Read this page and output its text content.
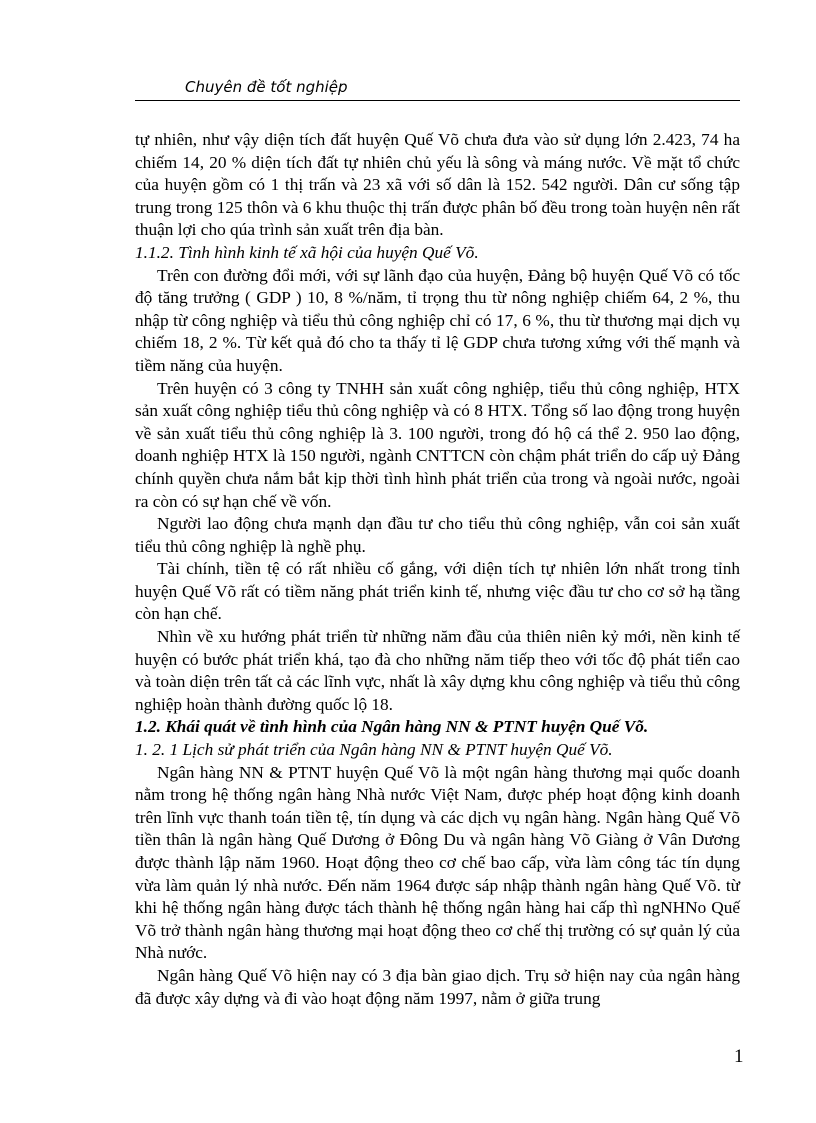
Chuyên đề tốt nghiệp

tự nhiên, như vậy diện tích đất huyện Quế Võ chưa đưa vào sử dụng lớn 2.423, 74 ha chiếm 14, 20 % diện tích đất tự nhiên chủ yếu là sông và máng nước. Về mặt tổ chức của huyện gồm có 1 thị trấn và 23 xã với số dân là 152. 542 người. Dân cư sống tập trung trong 125 thôn và 6 khu thuộc thị trấn được phân bố đều trong toàn huyện nên rất thuận lợi cho qúa trình sản xuất trên địa bàn.

1.1.2. Tình hình kinh tế xã hội của huyện Quế Võ.

Trên con đường đổi mới, với sự lãnh đạo của huyện, Đảng bộ huyện Quế Võ có tốc độ tăng trưởng ( GDP ) 10, 8 %/năm, tỉ trọng thu từ nông nghiệp chiếm 64, 2 %, thu nhập từ công nghiệp và tiểu thủ công nghiệp chỉ có 17, 6 %, thu từ thương mại dịch vụ chiếm 18, 2 %. Từ kết quả đó cho ta thấy tỉ lệ GDP chưa tương xứng với thế mạnh và tiềm năng của huyện.

Trên huyện có 3 công ty TNHH sản xuất công nghiệp, tiểu thủ công nghiệp, HTX sản xuất công nghiệp tiểu thủ công nghiệp và có 8 HTX. Tổng số lao động trong huyện về sản xuất tiểu thủ công nghiệp là 3. 100 người, trong đó hộ cá thể 2. 950 lao động, doanh nghiệp HTX là 150 người, ngành CNTTCN còn chậm phát triển do cấp uỷ Đảng chính quyền chưa nắm bắt kịp thời tình hình phát triển của trong và ngoài nước, ngoài ra còn có sự hạn chế về vốn.

Người lao động chưa mạnh dạn đầu tư cho tiểu thủ công nghiệp, vẫn coi sản xuất tiểu thủ công nghiệp là nghề phụ.

Tài chính, tiền tệ có rất nhiều cố gắng, với diện tích tự nhiên lớn nhất trong tỉnh huyện Quế Võ rất có tiềm năng phát triển kinh tế, nhưng việc đầu tư cho cơ sở hạ tầng còn hạn chế.

Nhìn về xu hướng phát triển từ những năm đầu của thiên niên kỷ mới, nền kinh tế huyện có bước phát triển khá, tạo đà cho những năm tiếp theo với tốc độ phát tiển cao và toàn diện trên tất cả các lĩnh vực, nhất là xây dựng khu công nghiệp và tiểu thủ công nghiệp hoàn thành đường quốc lộ 18.

1.2. Khái quát về tình hình của Ngân hàng NN & PTNT huyện Quế Võ.

1. 2. 1 Lịch sử phát triển của Ngân hàng NN & PTNT huyện Quế Võ.

Ngân hàng NN & PTNT huyện Quế Võ là một ngân hàng thương mại quốc doanh nằm trong hệ thống ngân hàng Nhà nước Việt Nam, được phép hoạt động kinh doanh trên lĩnh vực thanh toán tiền tệ, tín dụng và các dịch vụ ngân hàng. Ngân hàng Quế Võ tiền thân là ngân hàng Quế Dương ở Đông Du và ngân hàng Võ Giàng ở Vân Dương được thành lập năm 1960. Hoạt động theo cơ chế bao cấp, vừa làm công tác tín dụng vừa làm quản lý nhà nước. Đến năm 1964 được sáp nhập thành ngân hàng Quế Võ. từ khi hệ thống ngân hàng được tách thành hệ thống ngân hàng hai cấp thì ngNHNo Quế Võ trở thành ngân hàng thương mại hoạt động theo cơ chế thị trường có sự quản lý của Nhà nước.

Ngân hàng Quế Võ hiện nay có 3 địa bàn giao dịch. Trụ sở hiện nay của ngân hàng đã được xây dựng và đi vào hoạt động năm 1997, nằm ở giữa trung

1
